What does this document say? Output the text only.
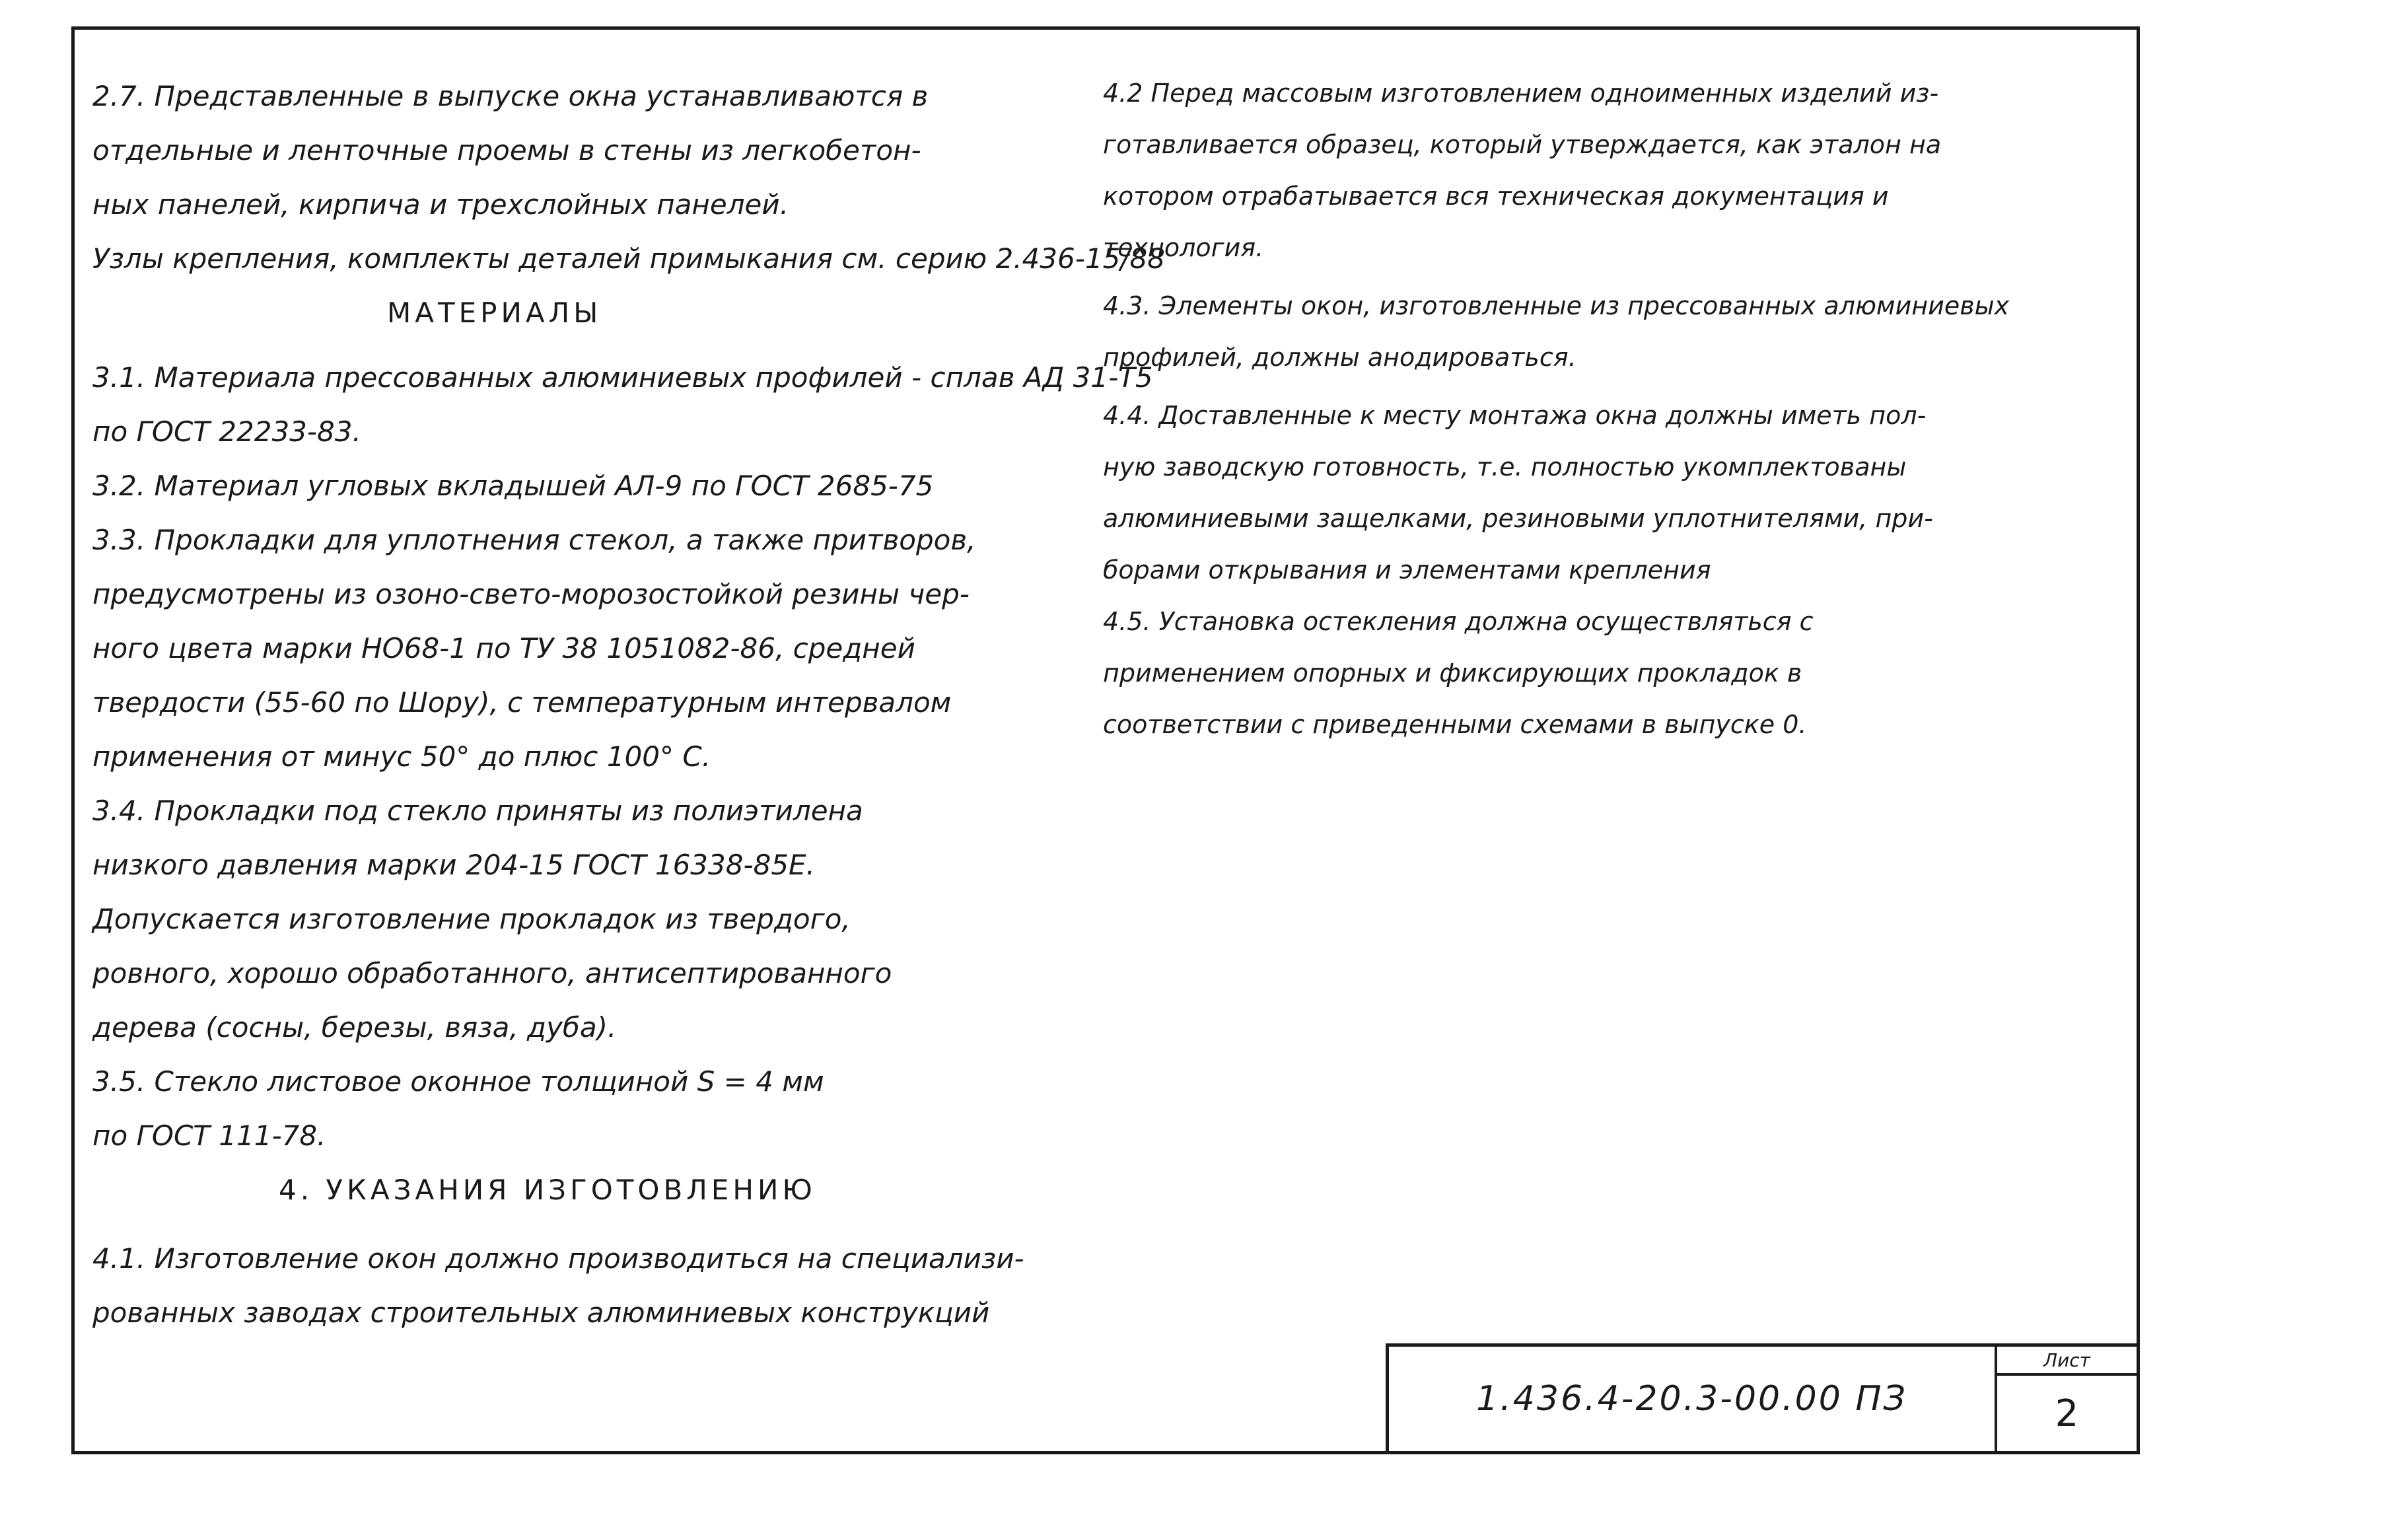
2.7. Представленные в выпуске окна устанавливаются в

отдельные и ленточные проемы в стены из легкобетон-

ных панелей, кирпича и трехслойных панелей.

Узлы крепления, комплекты деталей примыкания см. серию 2.436-15/88

МАТЕРИАЛЫ

3.1. Материала прессованных алюминиевых профилей - сплав АД 31-Т5

по ГОСТ 22233-83.

3.2. Материал угловых вкладышей АЛ-9 по ГОСТ 2685-75

3.3. Прокладки для уплотнения стекол, а также притворов,

предусмотрены из озоно-свето-морозостойкой резины чер-

ного цвета марки НО68-1 по ТУ 38 1051082-86, средней

твердости (55-60 по Шору), с температурным интервалом

применения от минус 50° до плюс 100° С.

3.4. Прокладки под стекло приняты из полиэтилена

низкого давления марки 204-15 ГОСТ 16338-85Е.

Допускается изготовление прокладок из твердого,

ровного, хорошо обработанного, антисептированного

дерева (сосны, березы, вяза, дуба).

3.5. Стекло листовое оконное толщиной S = 4 мм

по ГОСТ 111-78.

4. УКАЗАНИЯ ИЗГОТОВЛЕНИЮ

4.1. Изготовление окон должно производиться на специализи-

рованных заводах строительных алюминиевых конструкций

4.2 Перед массовым изготовлением одноименных изделий из-

готавливается образец, который утверждается, как эталон на

котором отрабатывается вся техническая документация и

технология.

4.3. Элементы окон, изготовленные из прессованных алюминиевых

профилей, должны анодироваться.

4.4. Доставленные к месту монтажа окна должны иметь пол-

ную заводскую готовность, т.е. полностью укомплектованы

алюминиевыми защелками, резиновыми уплотнителями, при-

борами открывания и элементами крепления

4.5. Установка остекления должна осуществляться с

применением опорных и фиксирующих прокладок в

соответствии с приведенными схемами в выпуске 0.

1.436.4-20.3-00.00 ПЗ
Лист
2
